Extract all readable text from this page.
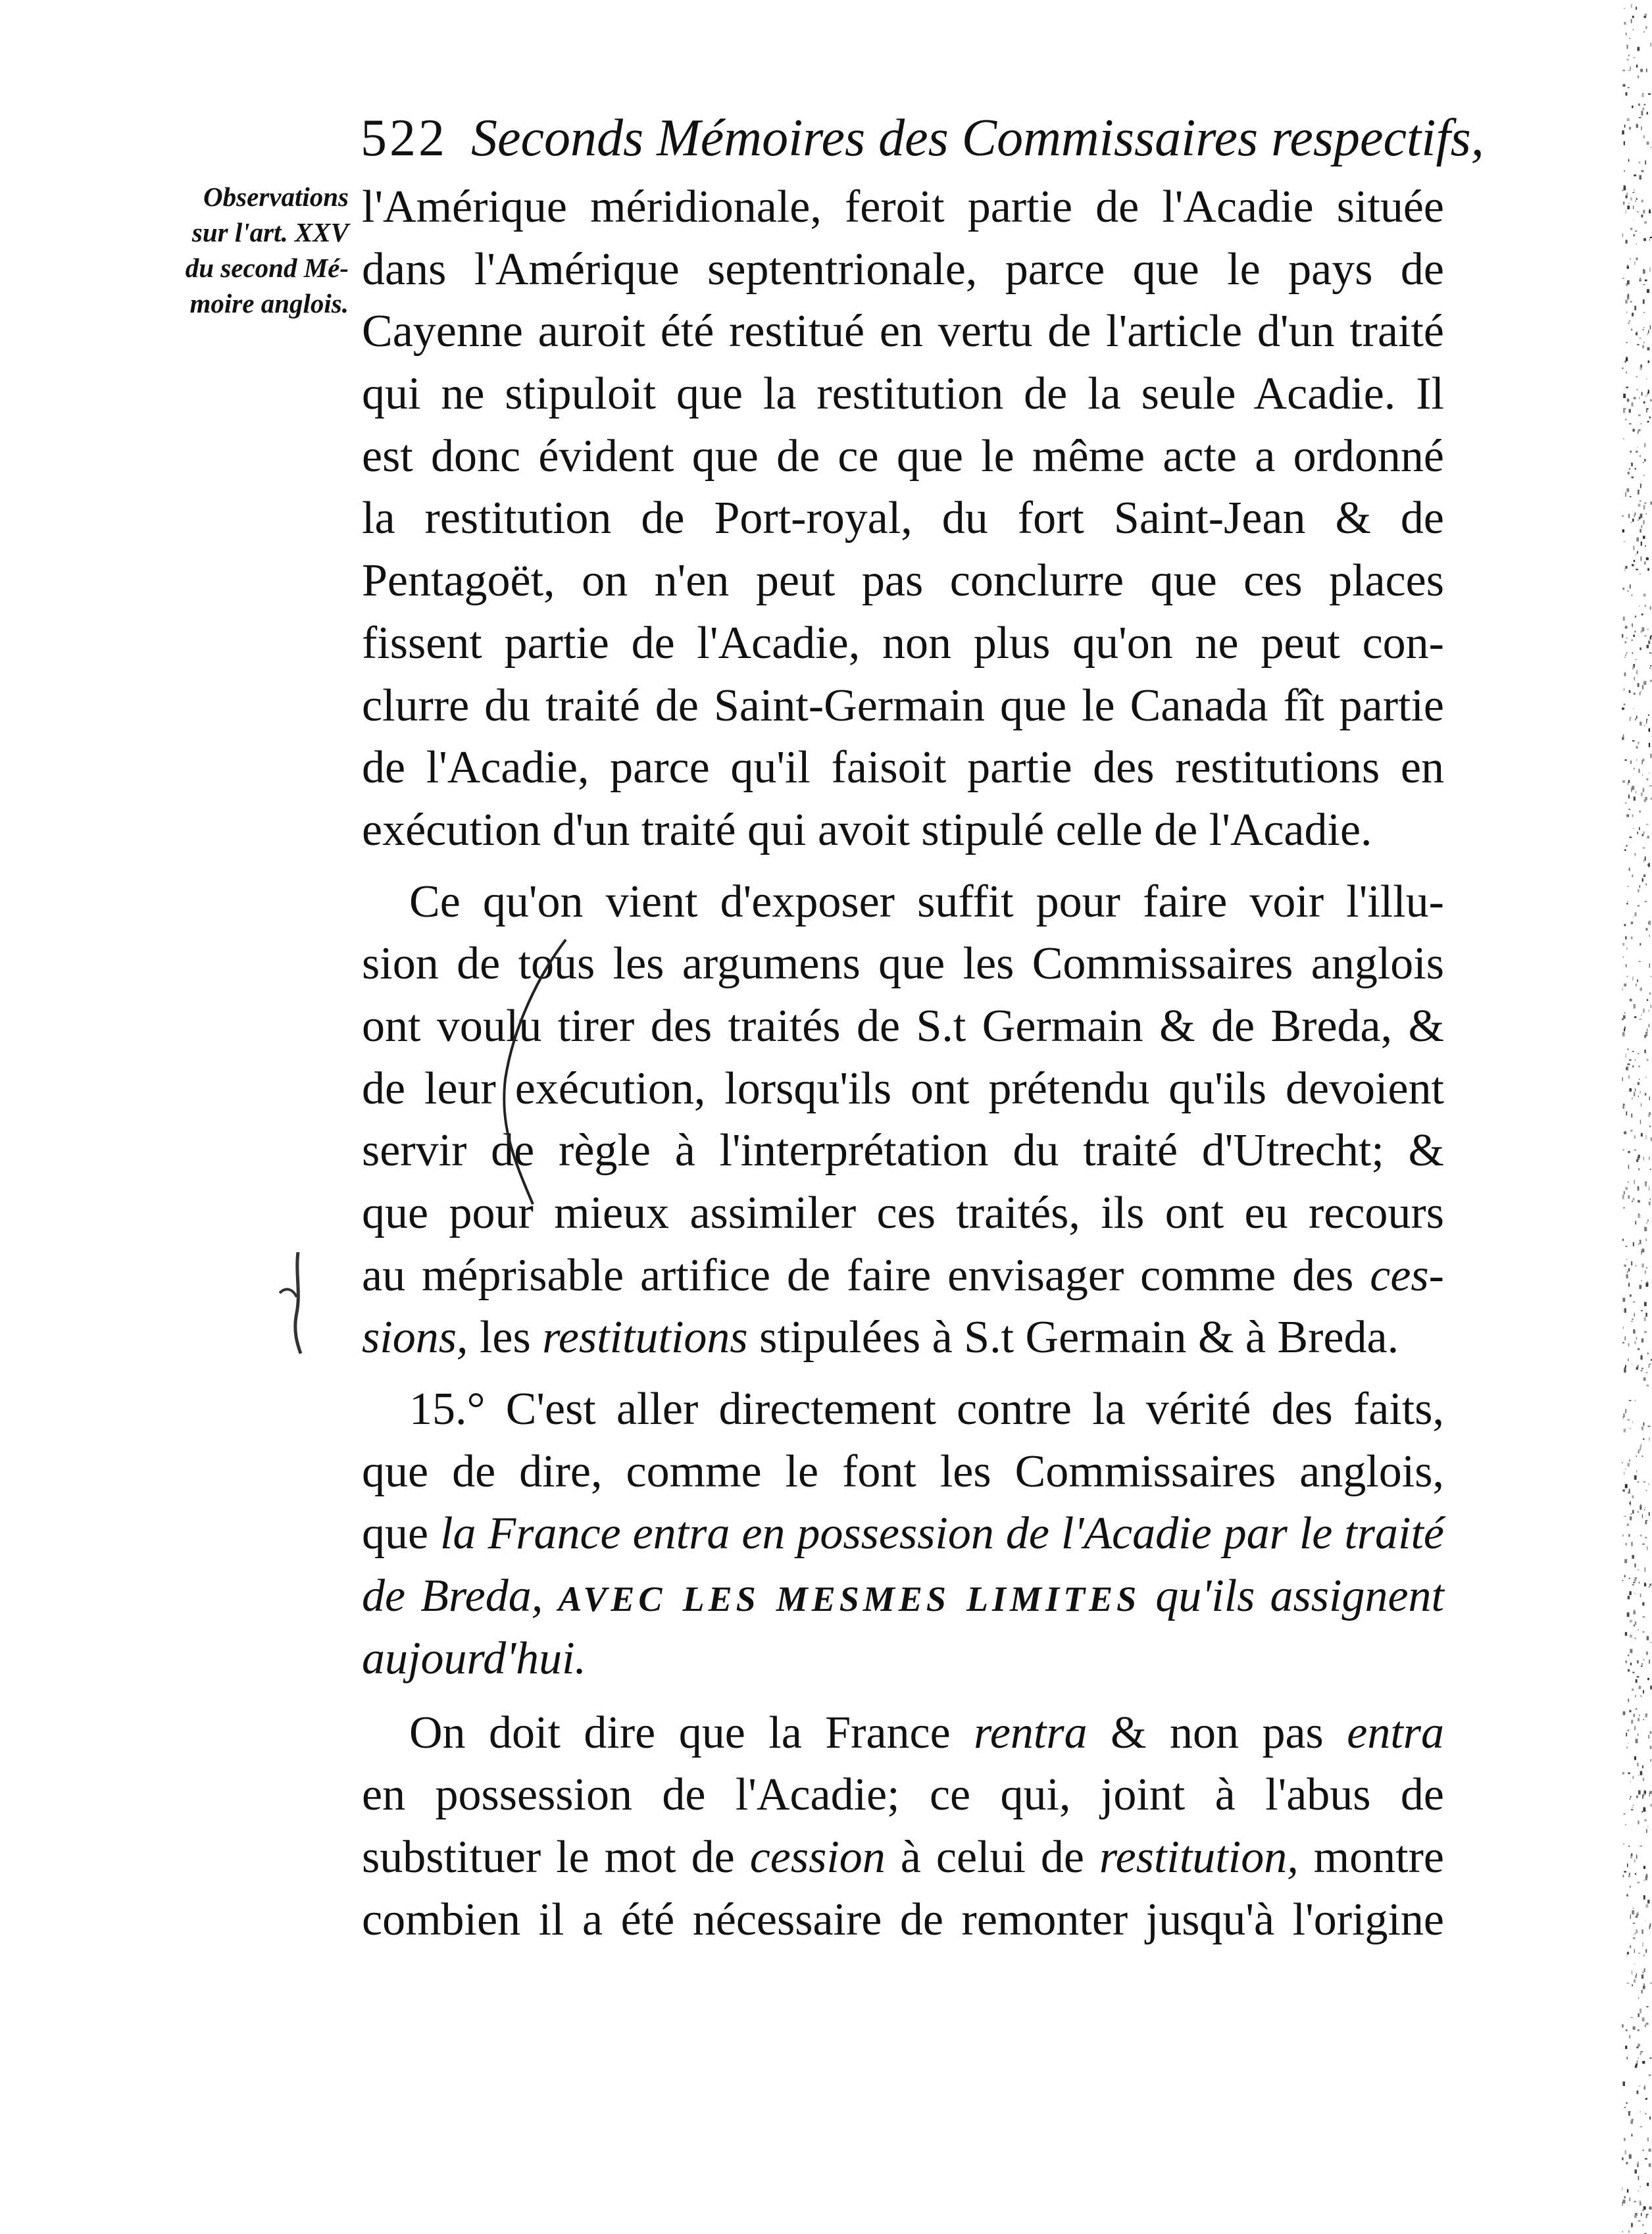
522 Seconds Mémoires des Commissaires respectifs,
Observations
sur l'art. XXV
du second Mé-
moire anglois.
l'Amérique méridionale, feroit partie de l'Acadie située
dans l'Amérique septentrionale, parce que le pays de
Cayenne auroit été restitué en vertu de l'article d'un traité
qui ne stipuloit que la restitution de la seule Acadie. Il
est donc évident que de ce que le même acte a ordonné
la restitution de Port-royal, du fort Saint-Jean & de
Pentagoët, on n'en peut pas conclurre que ces places
fissent partie de l'Acadie, non plus qu'on ne peut con-
clurre du traité de Saint-Germain que le Canada fît partie
de l'Acadie, parce qu'il faisoit partie des restitutions en
exécution d'un traité qui avoit stipulé celle de l'Acadie.
Ce qu'on vient d'exposer suffit pour faire voir l'illu-
sion de tous les argumens que les Commissaires anglois
ont voulu tirer des traités de S.t Germain & de Breda, &
de leur exécution, lorsqu'ils ont prétendu qu'ils devoient
servir de règle à l'interprétation du traité d'Utrecht; &
que pour mieux assimiler ces traités, ils ont eu recours
au méprisable artifice de faire envisager comme des ces-
sions, les restitutions stipulées à S.t Germain & à Breda.
15.° C'est aller directement contre la vérité des faits,
que de dire, comme le font les Commissaires anglois,
que la France entra en possession de l'Acadie par le traité
de Breda, AVEC LES MESMES LIMITES qu'ils assignent
aujourd'hui.
On doit dire que la France rentra & non pas entra
en possession de l'Acadie; ce qui, joint à l'abus de
substituer le mot de cession à celui de restitution, montre
combien il a été nécessaire de remonter jusqu'à l'origine
